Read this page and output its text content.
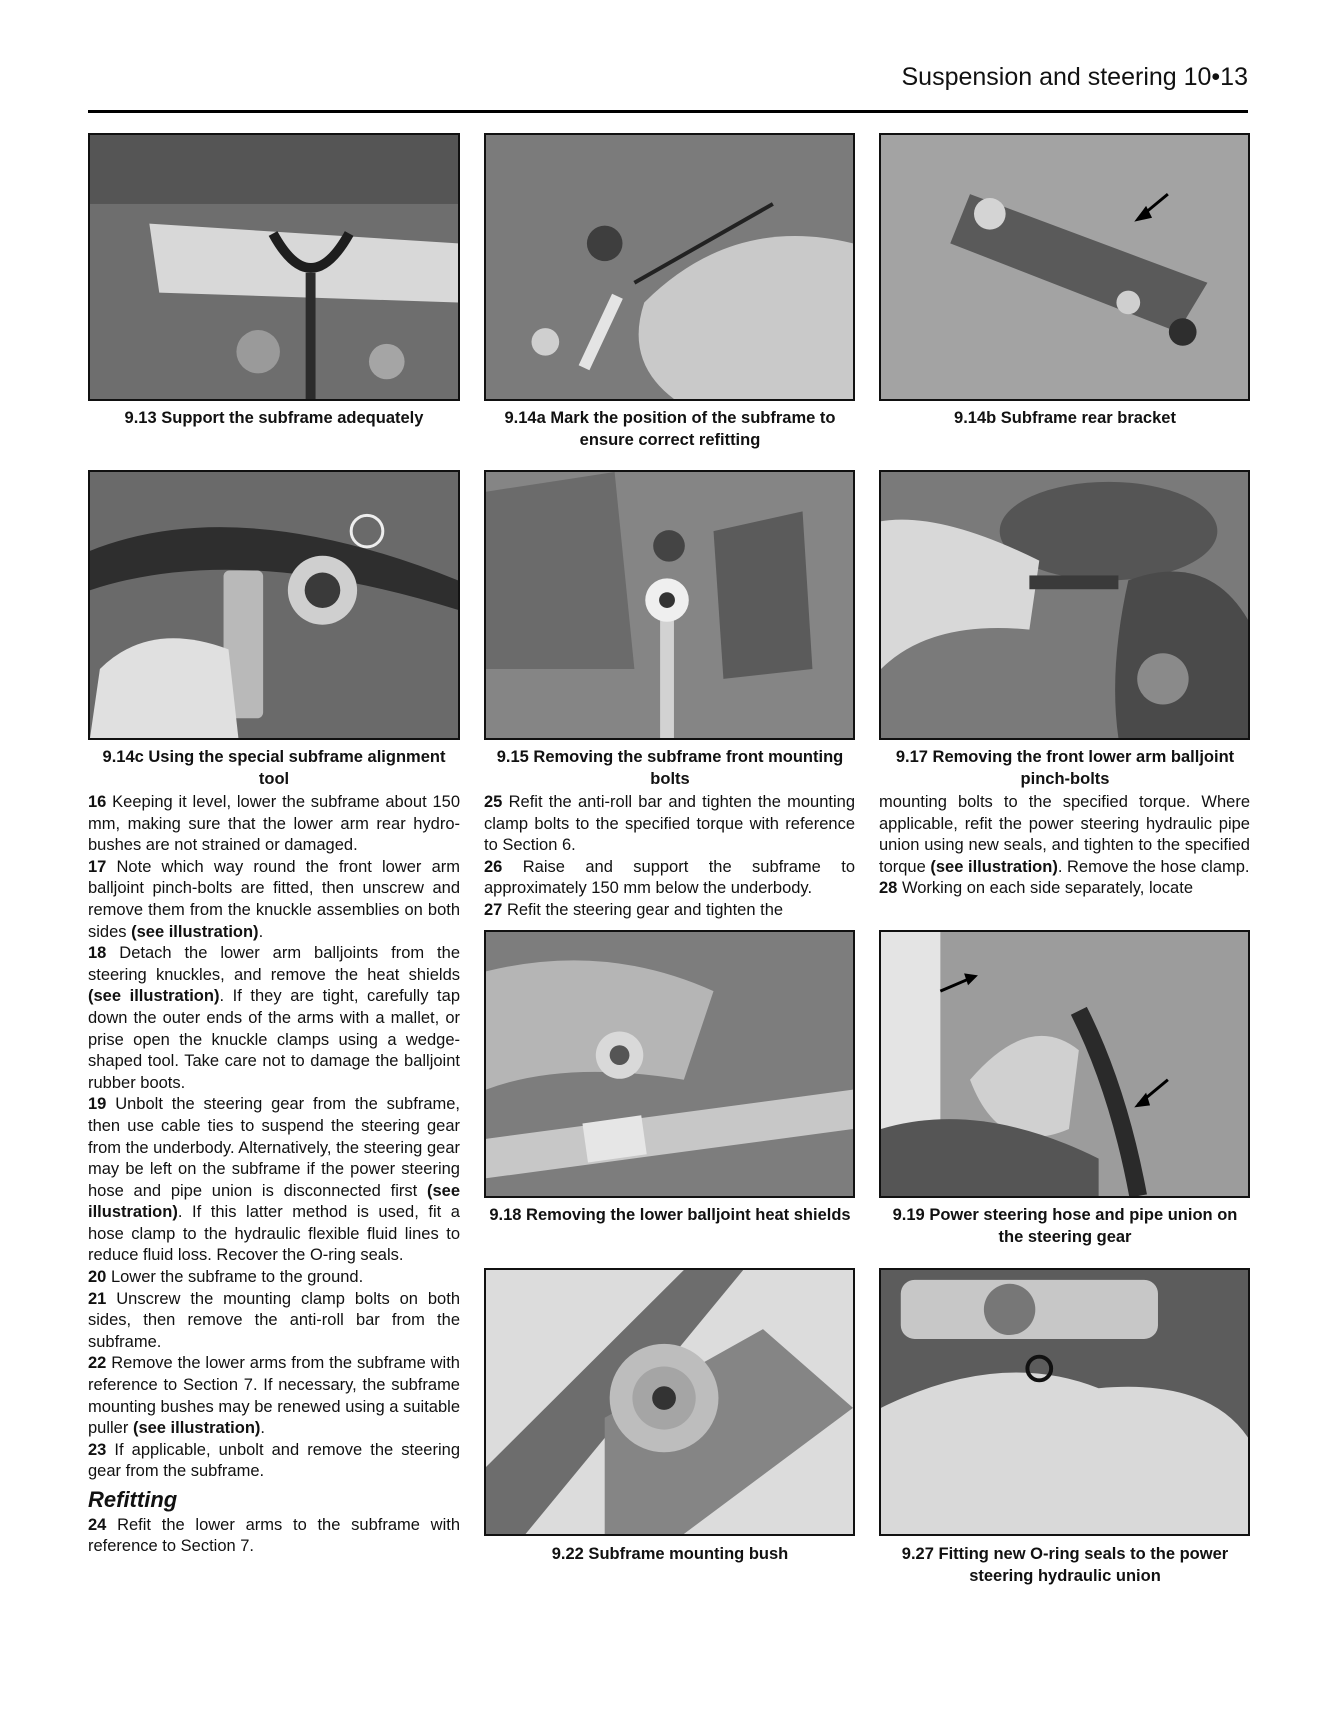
Suspension and steering 10•13
9.13 Support the subframe adequately	9.14a Mark the position of the subframe to ensure correct refitting
9.14b Subframe rear bracket
9.14c Using the special subframe alignment tool
9.15 Removing the subframe front mounting bolts
9.17 Removing the front lower arm balljoint pinch-bolts

16 Keeping it level, lower the subframe about 150 mm, making sure that the lower arm rear hydro-bushes are not strained or damaged.

17 Note which way round the front lower arm balljoint pinch-bolts are fitted, then unscrew and remove them from the knuckle assemblies on both sides (see illustration).

18 Detach the lower arm balljoints from the steering knuckles, and remove the heat shields (see illustration). If they are tight, carefully tap down the outer ends of the arms with a mallet, or prise open the knuckle clamps using a wedge-shaped tool. Take care not to damage the balljoint rubber boots.

19 Unbolt the steering gear from the subframe, then use cable ties to suspend the steering gear from the underbody. Alternatively, the steering gear may be left on the subframe if the power steering hose and pipe union is disconnected first (see illustration). If this latter method is used, fit a hose clamp to the hydraulic flexible fluid lines to reduce fluid loss. Recover the O-ring seals.

20 Lower the subframe to the ground.

21 Unscrew the mounting clamp bolts on both sides, then remove the anti-roll bar from the subframe.

22 Remove the lower arms from the subframe with reference to Section 7. If necessary, the subframe mounting bushes may be renewed using a suitable puller (see illustration).

23 If applicable, unbolt and remove the steering gear from the subframe.

Refitting

24 Refit the lower arms to the subframe with reference to Section 7.

25 Refit the anti-roll bar and tighten the mounting clamp bolts to the specified torque with reference to Section 6.

26 Raise and support the subframe to approximately 150 mm below the underbody.

27 Refit the steering gear and tighten the

mounting bolts to the specified torque. Where applicable, refit the power steering hydraulic pipe union using new seals, and tighten to the specified torque (see illustration). Remove the hose clamp.

28 Working on each side separately, locate

9.18 Removing the lower balljoint heat shields	9.19 Power steering hose and pipe union on the steering gear
9.22 Subframe mounting bush	9.27 Fitting new O-ring seals to the power steering hydraulic union
